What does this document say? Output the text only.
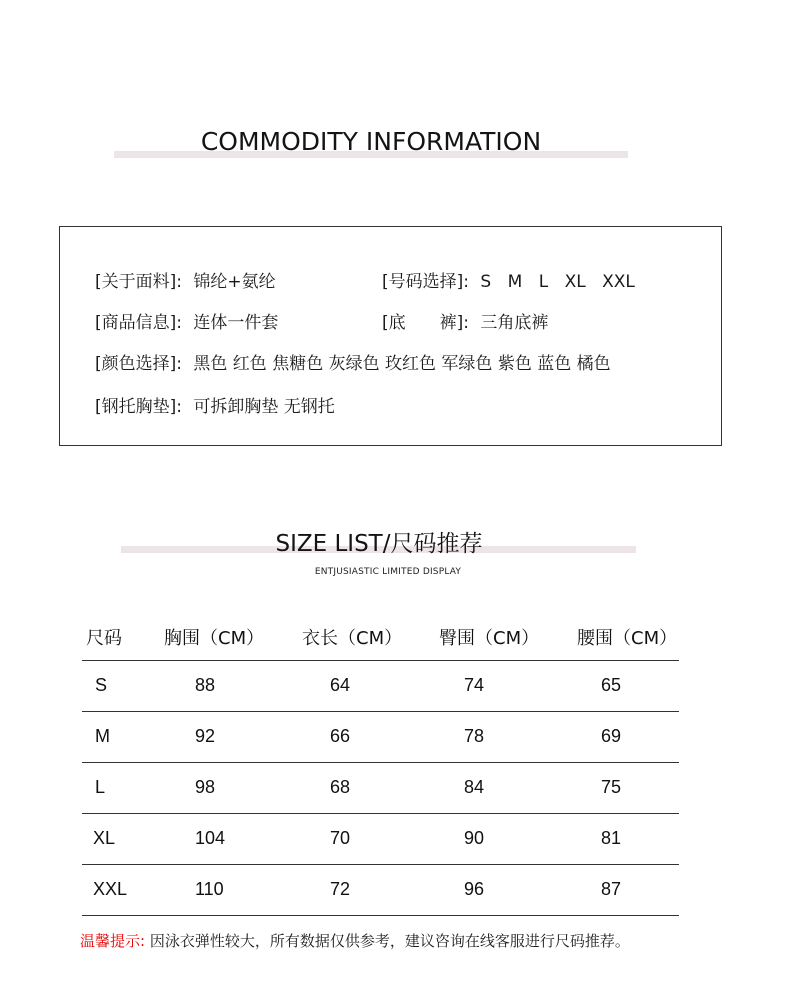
COMMODITY INFORMATION
[关于面料]: 锦纶+氨纶
[商品信息]: 连体一件套
[颜色选择]: 黑色 红色 焦糖色 灰绿色 玫红色 军绿色 紫色 蓝色 橘色
[钢托胸垫]: 可拆卸胸垫 无钢托
[号码选择]: S M L XL XXL
[底　　裤]: 三角底裤
SIZE LIST/尺码推荐
ENTJUSIASTIC LIMITED DISPLAY
尺码 胸围（CM） 衣长（CM） 臀围（CM） 腰围（CM）
S	88	64	74	65
M	92	66	78	69
L	98	68	84	75
XL	104	70	90	81
XXL	110	72	96	87
温馨提示: 因泳衣弹性较大，所有数据仅供参考，建议咨询在线客服进行尺码推荐。
